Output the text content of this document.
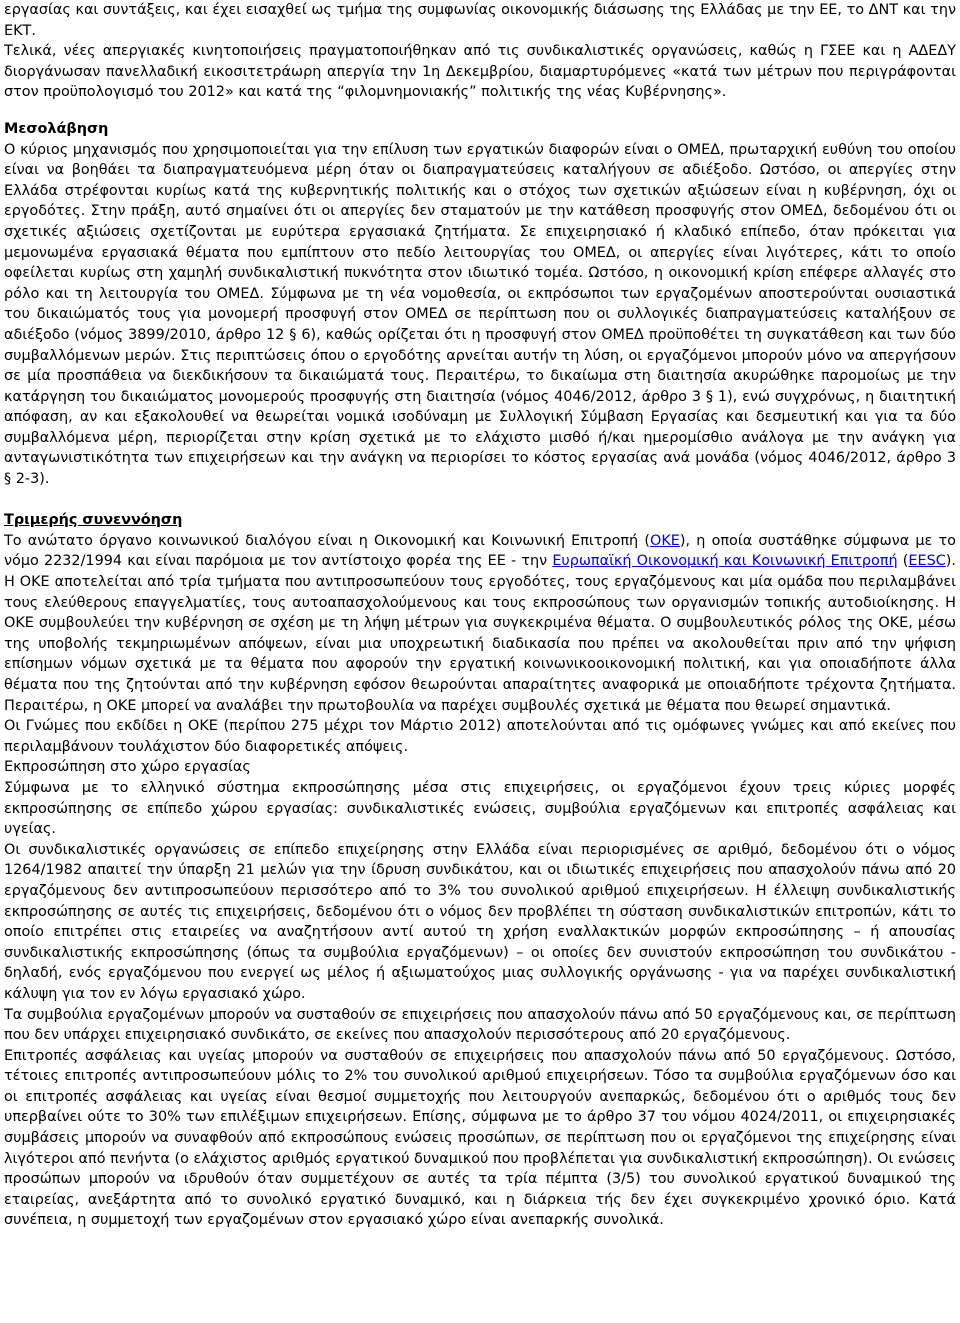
εργασίας και συντάξεις, και έχει εισαχθεί ως τμήμα της συμφωνίας οικονομικής διάσωσης της Ελλάδας με την ΕΕ, το ΔΝΤ και την ΕΚΤ.

Τελικά, νέες απεργιακές κινητοποιήσεις πραγματοποιήθηκαν από τις συνδικαλιστικές οργανώσεις, καθώς η ΓΣΕΕ και η ΑΔΕΔΥ διοργάνωσαν πανελλαδική εικοσιτετράωρη απεργία την 1η Δεκεμβρίου, διαμαρτυρόμενες «κατά των μέτρων που περιγράφονται στον προϋπολογισμό του 2012» και κατά της “φιλομνημονιακής” πολιτικής της νέας Κυβέρνησης».

Μεσολάβηση

Ο κύριος μηχανισμός που χρησιμοποιείται για την επίλυση των εργατικών διαφορών είναι ο ΟΜΕΔ, πρωταρχική ευθύνη του οποίου είναι να βοηθάει τα διαπραγματευόμενα μέρη όταν οι διαπραγματεύσεις καταλήγουν σε αδιέξοδο. Ωστόσο, οι απεργίες στην Ελλάδα στρέφονται κυρίως κατά της κυβερνητικής πολιτικής και ο στόχος των σχετικών αξιώσεων είναι η κυβέρνηση, όχι οι εργοδότες. Στην πράξη, αυτό σημαίνει ότι οι απεργίες δεν σταματούν με την κατάθεση προσφυγής στον ΟΜΕΔ, δεδομένου ότι οι σχετικές αξιώσεις σχετίζονται με ευρύτερα εργασιακά ζητήματα. Σε επιχειρησιακό ή κλαδικό επίπεδο, όταν πρόκειται για μεμονωμένα εργασιακά θέματα που εμπίπτουν στο πεδίο λειτουργίας του ΟΜΕΔ, οι απεργίες είναι λιγότερες, κάτι το οποίο οφείλεται κυρίως στη χαμηλή συνδικαλιστική πυκνότητα στον ιδιωτικό τομέα. Ωστόσο, η οικονομική κρίση επέφερε αλλαγές στο ρόλο και τη λειτουργία του ΟΜΕΔ. Σύμφωνα με τη νέα νομοθεσία, οι εκπρόσωποι των εργαζομένων αποστερούνται ουσιαστικά του δικαιώματός τους για μονομερή προσφυγή στον ΟΜΕΔ σε περίπτωση που οι συλλογικές διαπραγματεύσεις καταλήξουν σε αδιέξοδο (νόμος 3899/2010, άρθρο 12 § 6), καθώς ορίζεται ότι η προσφυγή στον ΟΜΕΔ προϋποθέτει τη συγκατάθεση και των δύο συμβαλλόμενων μερών. Στις περιπτώσεις όπου ο εργοδότης αρνείται αυτήν τη λύση, οι εργαζόμενοι μπορούν μόνο να απεργήσουν σε μία προσπάθεια να διεκδικήσουν τα δικαιώματά τους. Περαιτέρω, το δικαίωμα στη διαιτησία ακυρώθηκε παρομοίως με την κατάργηση του δικαιώματος μονομερούς προσφυγής στη διαιτησία (νόμος 4046/2012, άρθρο 3 § 1), ενώ συγχρόνως, η διαιτητική απόφαση, αν και εξακολουθεί να θεωρείται νομικά ισοδύναμη με Συλλογική Σύμβαση Εργασίας και δεσμευτική και για τα δύο συμβαλλόμενα μέρη, περιορίζεται στην κρίση σχετικά με το ελάχιστο μισθό ή/και ημερομίσθιο ανάλογα με την ανάγκη για ανταγωνιστικότητα των επιχειρήσεων και την ανάγκη να περιορίσει το κόστος εργασίας ανά μονάδα (νόμος 4046/2012, άρθρο 3 § 2-3).

Τριμερής συνεννόηση

Το ανώτατο όργανο κοινωνικού διαλόγου είναι η Οικονομική και Κοινωνική Επιτροπή (ΟΚΕ), η οποία συστάθηκε σύμφωνα με το νόμο 2232/1994 και είναι παρόμοια με τον αντίστοιχο φορέα της ΕΕ - την Ευρωπαϊκή Οικονομική και Κοινωνική Επιτροπή (EESC). Η ΟΚΕ αποτελείται από τρία τμήματα που αντιπροσωπεύουν τους εργοδότες, τους εργαζόμενους και μία ομάδα που περιλαμβάνει τους ελεύθερους επαγγελματίες, τους αυτοαπασχολούμενους και τους εκπροσώπους των οργανισμών τοπικής αυτοδιοίκησης. Η ΟΚΕ συμβουλεύει την κυβέρνηση σε σχέση με τη λήψη μέτρων για συγκεκριμένα θέματα. Ο συμβουλευτικός ρόλος της ΟΚΕ, μέσω της υποβολής τεκμηριωμένων απόψεων, είναι μια υποχρεωτική διαδικασία που πρέπει να ακολουθείται πριν από την ψήφιση επίσημων νόμων σχετικά με τα θέματα που αφορούν την εργατική κοινωνικοοικονομική πολιτική, και για οποιαδήποτε άλλα θέματα που της ζητούνται από την κυβέρνηση εφόσον θεωρούνται απαραίτητες αναφορικά με οποιαδήποτε τρέχοντα ζητήματα. Περαιτέρω, η ΟΚΕ μπορεί να αναλάβει την πρωτοβουλία να παρέχει συμβουλές σχετικά με θέματα που θεωρεί σημαντικά.

Οι Γνώμες που εκδίδει η ΟΚΕ (περίπου 275 μέχρι τον Μάρτιο 2012) αποτελούνται από τις ομόφωνες γνώμες και από εκείνες που περιλαμβάνουν τουλάχιστον δύο διαφορετικές απόψεις.

Εκπροσώπηση στο χώρο εργασίας

Σύμφωνα με το ελληνικό σύστημα εκπροσώπησης μέσα στις επιχειρήσεις, οι εργαζόμενοι έχουν τρεις κύριες μορφές εκπροσώπησης σε επίπεδο χώρου εργασίας: συνδικαλιστικές ενώσεις, συμβούλια εργαζόμενων και επιτροπές ασφάλειας και υγείας.

Οι συνδικαλιστικές οργανώσεις σε επίπεδο επιχείρησης στην Ελλάδα είναι περιορισμένες σε αριθμό, δεδομένου ότι ο νόμος 1264/1982 απαιτεί την ύπαρξη 21 μελών για την ίδρυση συνδικάτου, και οι ιδιωτικές επιχειρήσεις που απασχολούν πάνω από 20 εργαζόμενους δεν αντιπροσωπεύουν περισσότερο από το 3% του συνολικού αριθμού επιχειρήσεων. Η έλλειψη συνδικαλιστικής εκπροσώπησης σε αυτές τις επιχειρήσεις, δεδομένου ότι ο νόμος δεν προβλέπει τη σύσταση συνδικαλιστικών επιτροπών, κάτι το οποίο επιτρέπει στις εταιρείες να αναζητήσουν αντί αυτού τη χρήση εναλλακτικών μορφών εκπροσώπησης – ή απουσίας συνδικαλιστικής εκπροσώπησης (όπως τα συμβούλια εργαζόμενων) – οι οποίες δεν συνιστούν εκπροσώπηση του συνδικάτου - δηλαδή, ενός εργαζόμενου που ενεργεί ως μέλος ή αξιωματούχος μιας συλλογικής οργάνωσης - για να παρέχει συνδικαλιστική κάλυψη για τον εν λόγω εργασιακό χώρο.

Τα συμβούλια εργαζομένων μπορούν να συσταθούν σε επιχειρήσεις που απασχολούν πάνω από 50 εργαζόμενους και, σε περίπτωση που δεν υπάρχει επιχειρησιακό συνδικάτο, σε εκείνες που απασχολούν περισσότερους από 20 εργαζόμενους.

Επιτροπές ασφάλειας και υγείας μπορούν να συσταθούν σε επιχειρήσεις που απασχολούν πάνω από 50 εργαζόμενους. Ωστόσο, τέτοιες επιτροπές αντιπροσωπεύουν μόλις το 2% του συνολικού αριθμού επιχειρήσεων. Τόσο τα συμβούλια εργαζόμενων όσο και οι επιτροπές ασφάλειας και υγείας είναι θεσμοί συμμετοχής που λειτουργούν ανεπαρκώς, δεδομένου ότι ο αριθμός τους δεν υπερβαίνει ούτε το 30% των επιλέξιμων επιχειρήσεων. Επίσης, σύμφωνα με το άρθρο 37 του νόμου 4024/2011, οι επιχειρησιακές συμβάσεις μπορούν να συναφθούν από εκπροσώπους ενώσεις προσώπων, σε περίπτωση που οι εργαζόμενοι της επιχείρησης είναι λιγότεροι από πενήντα (ο ελάχιστος αριθμός εργατικού δυναμικού που προβλέπεται για συνδικαλιστική εκπροσώπηση). Οι ενώσεις προσώπων μπορούν να ιδρυθούν όταν συμμετέχουν σε αυτές τα τρία πέμπτα (3/5) του συνολικού εργατικού δυναμικού της εταιρείας, ανεξάρτητα από το συνολικό εργατικό δυναμικό, και η διάρκεια τής δεν έχει συγκεκριμένο χρονικό όριο. Κατά συνέπεια, η συμμετοχή των εργαζομένων στον εργασιακό χώρο είναι ανεπαρκής συνολικά.
